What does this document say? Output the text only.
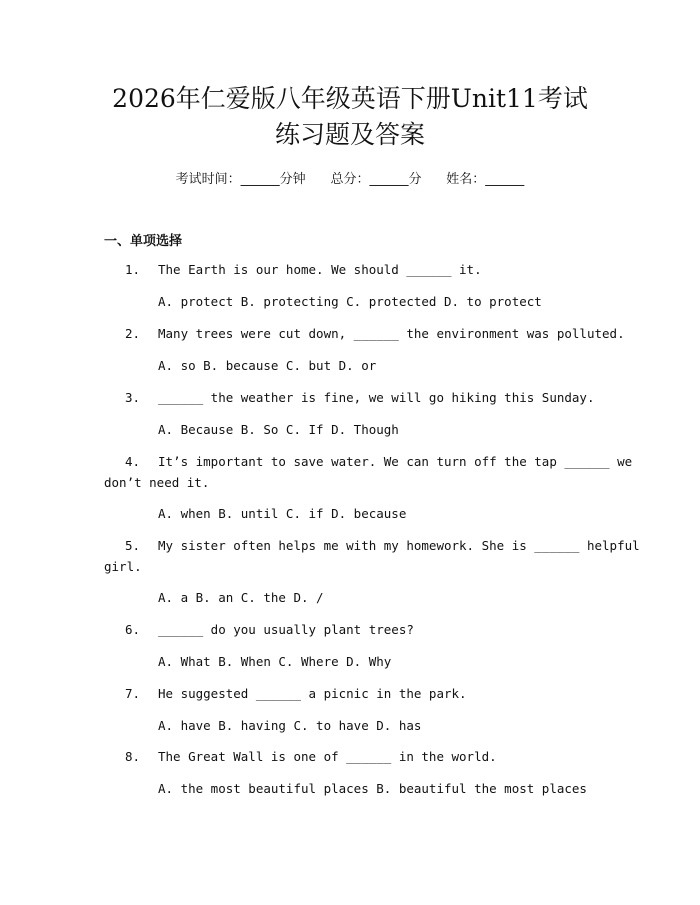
2026年仁爱版八年级英语下册Unit11考试
练习题及答案
考试时间：______分钟 总分：______分 姓名：______
一、单项选择
1. The Earth is our home. We should ______ it.
A. protect B. protecting C. protected D. to protect
2. Many trees were cut down, ______ the environment was polluted.
A. so B. because C. but D. or
3. ______ the weather is fine, we will go hiking this Sunday.
A. Because B. So C. If D. Though
4. It’s important to save water. We can turn off the tap ______ we
don’t need it.
A. when B. until C. if D. because
5. My sister often helps me with my homework. She is ______ helpful
girl.
A. a B. an C. the D. /
6. ______ do you usually plant trees?
A. What B. When C. Where D. Why
7. He suggested ______ a picnic in the park.
A. have B. having C. to have D. has
8. The Great Wall is one of ______ in the world.
A. the most beautiful places B. beautiful the most places
